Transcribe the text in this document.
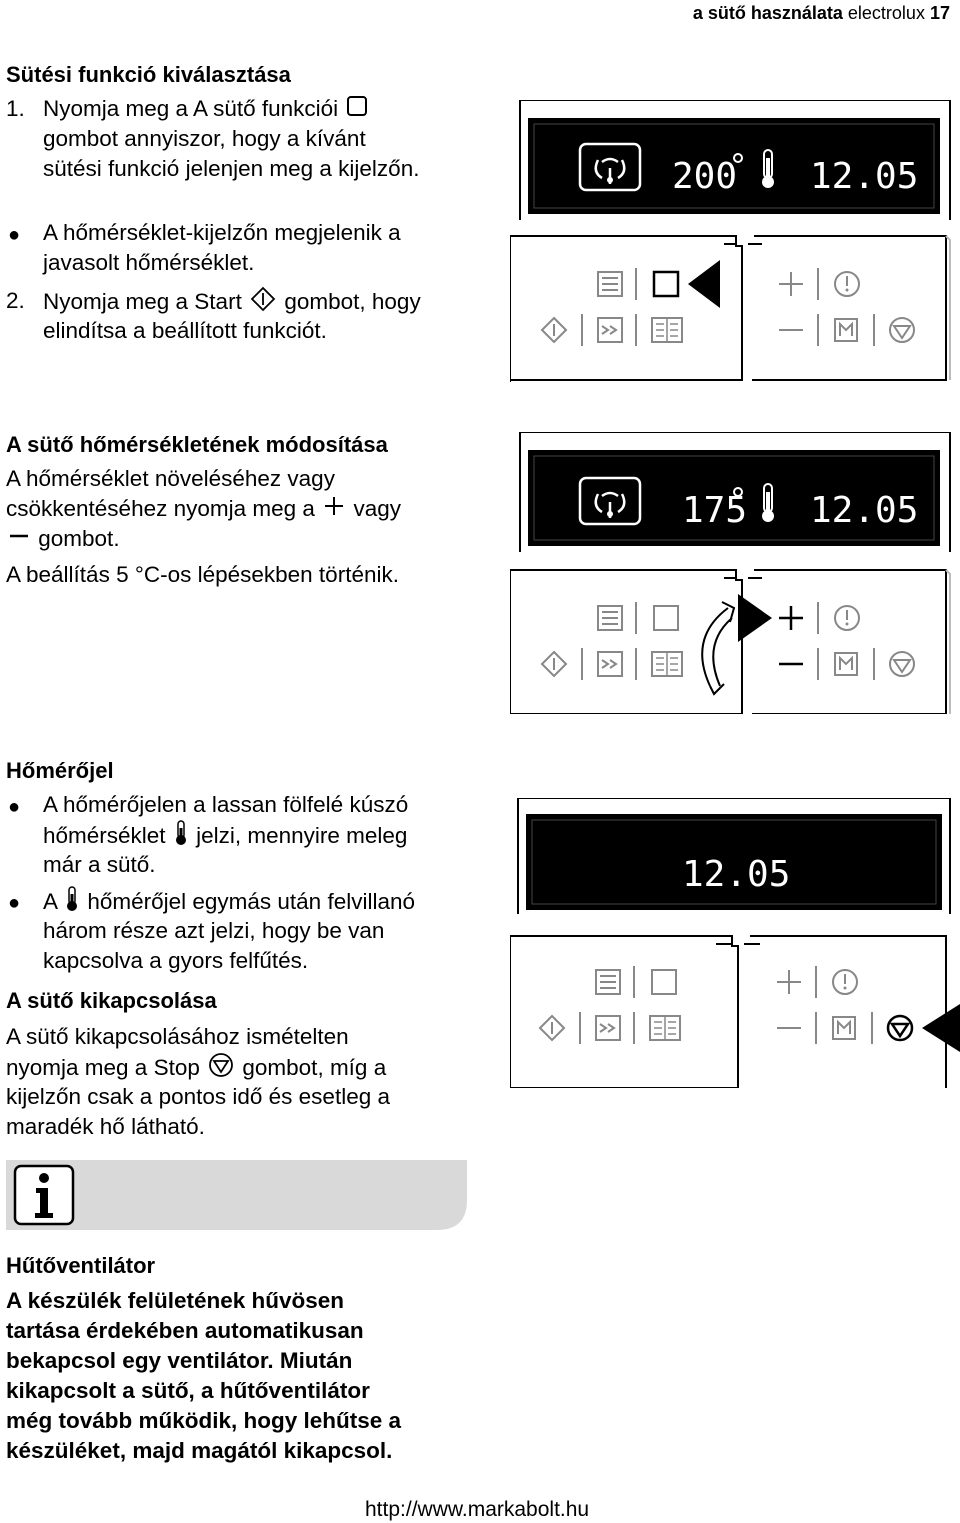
a sütő használata electrolux 17
Sütési funkció kiválasztása
1. Nyomja meg a A sütő funkciói
gombot annyiszor, hogy a kívánt
sütési funkció jelenjen meg a kijelzőn.
● A hőmérséklet-kijelzőn megjelenik a
javasolt hőmérséklet.
2. Nyomja meg a Start gombot, hogy
elindítsa a beállított funkciót.
A sütő hőmérsékletének módosítása
A hőmérséklet növeléséhez vagy
csökkentéséhez nyomja meg a vagy
gombot.
A beállítás 5 °C-os lépésekben történik.
Hőmérőjel
● A hőmérőjelen a lassan fölfelé kúszó
hőmérséklet jelzi, mennyire meleg
már a sütő.
● A hőmérőjel egymás után felvillanó
három része azt jelzi, hogy be van
kapcsolva a gyors felfűtés.
A sütő kikapcsolása
A sütő kikapcsolásához ismételten
nyomja meg a Stop gombot, míg a
kijelzőn csak a pontos idő és esetleg a
maradék hő látható.
Hűtőventilátor
A készülék felületének hűvösen
tartása érdekében automatikusan
bekapcsol egy ventilátor. Miután
kikapcsolt a sütő, a hűtőventilátor
még tovább működik, hogy lehűtse a
készüléket, majd magától kikapcsol.
200 12.05
175 12.05
12.05
http://www.markabolt.hu
